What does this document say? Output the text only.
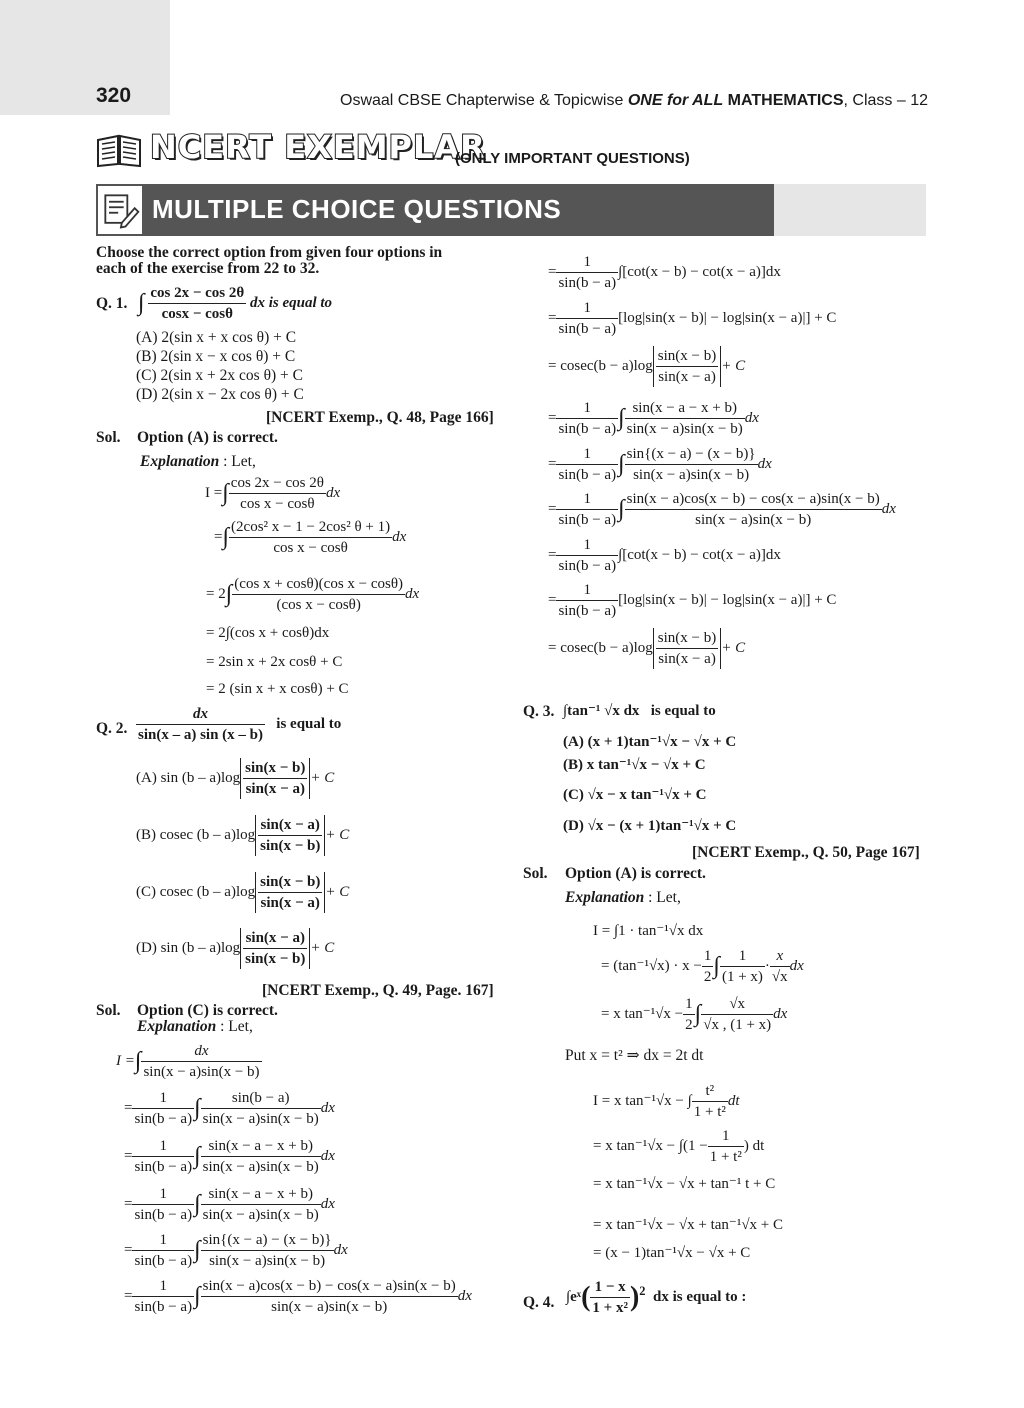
320	Oswaal CBSE Chapterwise & Topicwise ONE for ALL MATHEMATICS, Class – 12
NCERT EXEMPLAR
(ONLY IMPORTANT QUESTIONS)
MULTIPLE CHOICE QUESTIONS
Choose the correct option from given four options in
each of the exercise from 22 to 32.
Q. 1. ∫ $\frac{\cos 2x - \cos 2\theta}{\cos x - \cos\theta}$ dx is equal to
(A) 2(sin x + x cos θ) + C
(B) 2(sin x − x cos θ) + C
(C) 2(sin x + 2x cos θ) + C
(D) 2(sin x − 2x cos θ) + C
[NCERT Exemp., Q. 48, Page 166]
Sol. Option (A) is correct.
Explanation : Let,
I =∫ $\frac{\cos 2x - \cos 2\theta}{\text{cos x − cosθ}}$ dx
=∫ $\frac{\text{(2cos² x − 1 − 2cos² θ + 1)}}{\text{cos x − cosθ}}$ dx
= $2\int \frac{\text{(cos x + cosθ)(cos x − cosθ)}}{\text{(cos x − cosθ)}}$ dx
= 2∫(cos x + cosθ)dx
= 2sin x + 2x cosθ + C
= 2 (sin x + x cosθ) + C
Q. 2. $\frac{dx}{\sin(x - a) \sin (x - b)}$ is equal to
(A) $\sin (b - a)\log \frac{\sin(x - b)}{\sin(x - a)} + C$
(B) cosec $(b - a)\log \frac{\sin(x - a)}{\sin(x - b)} + C$
(C) cosec $(b - a)\log \frac{\sin(x - b)}{\sin(x - a)} + C$
(D) $\sin (b - a)\log \frac{\sin(x - a)}{\sin(x - b)} + C$
[NCERT Exemp., Q. 49, Page. 167]
Sol. Option (C) is correct.
Explanation : Let,
I =∫ $\frac{dx}{\sin(x - a)\sin(x - b)}$
= $\frac{1}{\sin(b - a)}$ ∫ $\frac{\sin(b - a)}{\sin(x - a)\sin(x - b)}$ dx
= $\frac{1}{\sin(b - a)}$ ∫ $\frac{\sin(x - a - x + b)}{\sin(x - a)\sin(x - b)}$ dx
= $\frac{1}{\sin(b - a)}$ ∫ $\frac{\sin(x - a - x + b)}{\sin(x - a)\sin(x - b)}$ dx
= $\frac{1}{\sin(b - a)}$ ∫ $\frac{\sin\{(x - a) - (x - b)\}}{\sin(x - a)\sin(x - b)}$ dx
= $\frac{1}{\sin(b - a)}$ ∫ $\frac{\sin(x - a)\cos(x - b) - \cos(x - a)\sin(x - b)}{\sin(x - a)\sin(x - b)}$ dx
= $\frac{1}{\sin(b - a)} \int[\cot(x - b) - \cot(x - a)]dx$
= $\frac{1}{\sin(b - a)} [\log|\sin(x - b)| - \log|\sin(x - a)|] + C$
= $cosec(b - a)\log \frac{\sin(x - b)}{\sin(x - a)} + C$
= $\frac{1}{\sin(b - a)}$ ∫ $\frac{\sin(x - a - x + b)}{\sin(x - a)\sin(x - b)}$ dx
= $\frac{1}{\sin(b - a)}$ ∫ $\frac{\sin\{(x - a) - (x - b)\}}{\sin(x - a)\sin(x - b)}$ dx
= $\frac{1}{\sin(b - a)}$ ∫ $\frac{\sin(x - a)\cos(x - b) - \cos(x - a)\sin(x - b)}{\sin(x - a)\sin(x - b)}$ dx
= $\frac{1}{\sin(b - a)} \int[\cot(x - b) - \cot(x - a)]dx$
= $\frac{1}{\sin(b - a)} [\log|\sin(x - b)| - \log|\sin(x - a)|] + C$
= $cosec(b - a)\log \frac{\sin(x - b)}{\sin(x - a)} + C$
Q. 3. ∫tan⁻¹ √x dx is equal to
(A) (x + 1)tan⁻¹√x − √x + C
(B) x tan⁻¹√x − √x + C
(C) √x − x tan⁻¹√x + C
(D) √x − (x + 1)tan⁻¹√x + C
[NCERT Exemp., Q. 50, Page 167]
Sol. Option (A) is correct.
Explanation : Let,
I = ∫1 · tan⁻¹√x dx
= $(\tan^{-1}√x) \cdot x - \frac{1}{2}$ ∫ $\frac{1}{(1 + x)} \cdot \frac{x}{√x}$ dx
= x $\tan^{-1}√x - \frac{1}{2}$ ∫ $\frac{√x}{√x , (1 + x)}$ dx
Put x = t² ⇒ dx = 2t dt
I = x tan⁻¹√x − ∫ $\frac{\text{t²}}{\text{1 + t²}}$ dt
= x $\tan^{-1}√x - \int(1 - \frac{1}{\text{1 + t²}}$ ) dt
= x tan⁻¹√x − √x + tan⁻¹ t + C
= x tan⁻¹√x − √x + tan⁻¹√x + C
= (x − 1)tan⁻¹√x − √x + C
Q. 4. ∫eˣ( $\frac{1 - x}{\text{1 + x²}} )^2$ dx is equal to :
